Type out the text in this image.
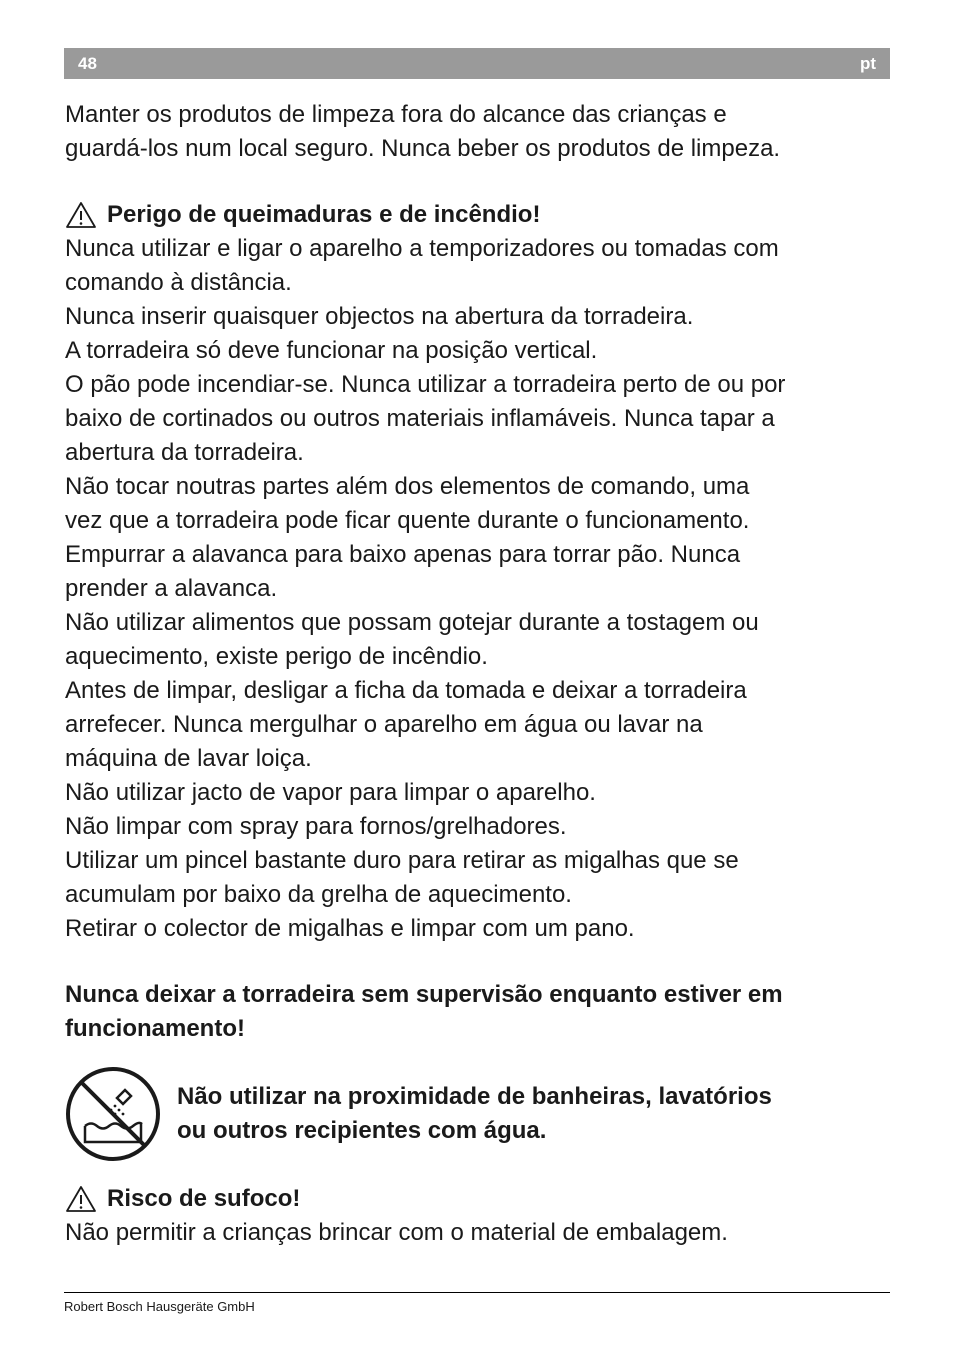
48	pt

Manter os produtos de limpeza fora do alcance das crianças e

guardá-los num local seguro. Nunca beber os produtos de limpeza.

Perigo de queimaduras e de incêndio!

Nunca utilizar e ligar o aparelho a temporizadores ou tomadas com

comando à distância.

Nunca inserir quaisquer objectos na abertura da torradeira.

A torradeira só deve funcionar na posição vertical.

O pão pode incendiar-se. Nunca utilizar a torradeira perto de ou por

baixo de cortinados ou outros materiais inflamáveis. Nunca tapar a

abertura da torradeira.

Não tocar noutras partes além dos elementos de comando, uma

vez que a torradeira pode ficar quente durante o funcionamento.

Empurrar a alavanca para baixo apenas para torrar pão. Nunca

prender a alavanca.

Não utilizar alimentos que possam gotejar durante a tostagem ou

aquecimento, existe perigo de incêndio.

Antes de limpar, desligar a ficha da tomada e deixar a torradeira

arrefecer. Nunca mergulhar o aparelho em água ou lavar na

máquina de lavar loiça.

Não utilizar jacto de vapor para limpar o aparelho.

Não limpar com spray para fornos/grelhadores.

Utilizar um pincel bastante duro para retirar as migalhas que se

acumulam por baixo da grelha de aquecimento.

Retirar o colector de migalhas e limpar com um pano.

Nunca deixar a torradeira sem supervisão enquanto estiver em

funcionamento!

Não utilizar na proximidade de banheiras, lavatórios

ou outros recipientes com água.

Risco de sufoco!

Não permitir a crianças brincar com o material de embalagem.

Robert Bosch Hausgeräte GmbH
